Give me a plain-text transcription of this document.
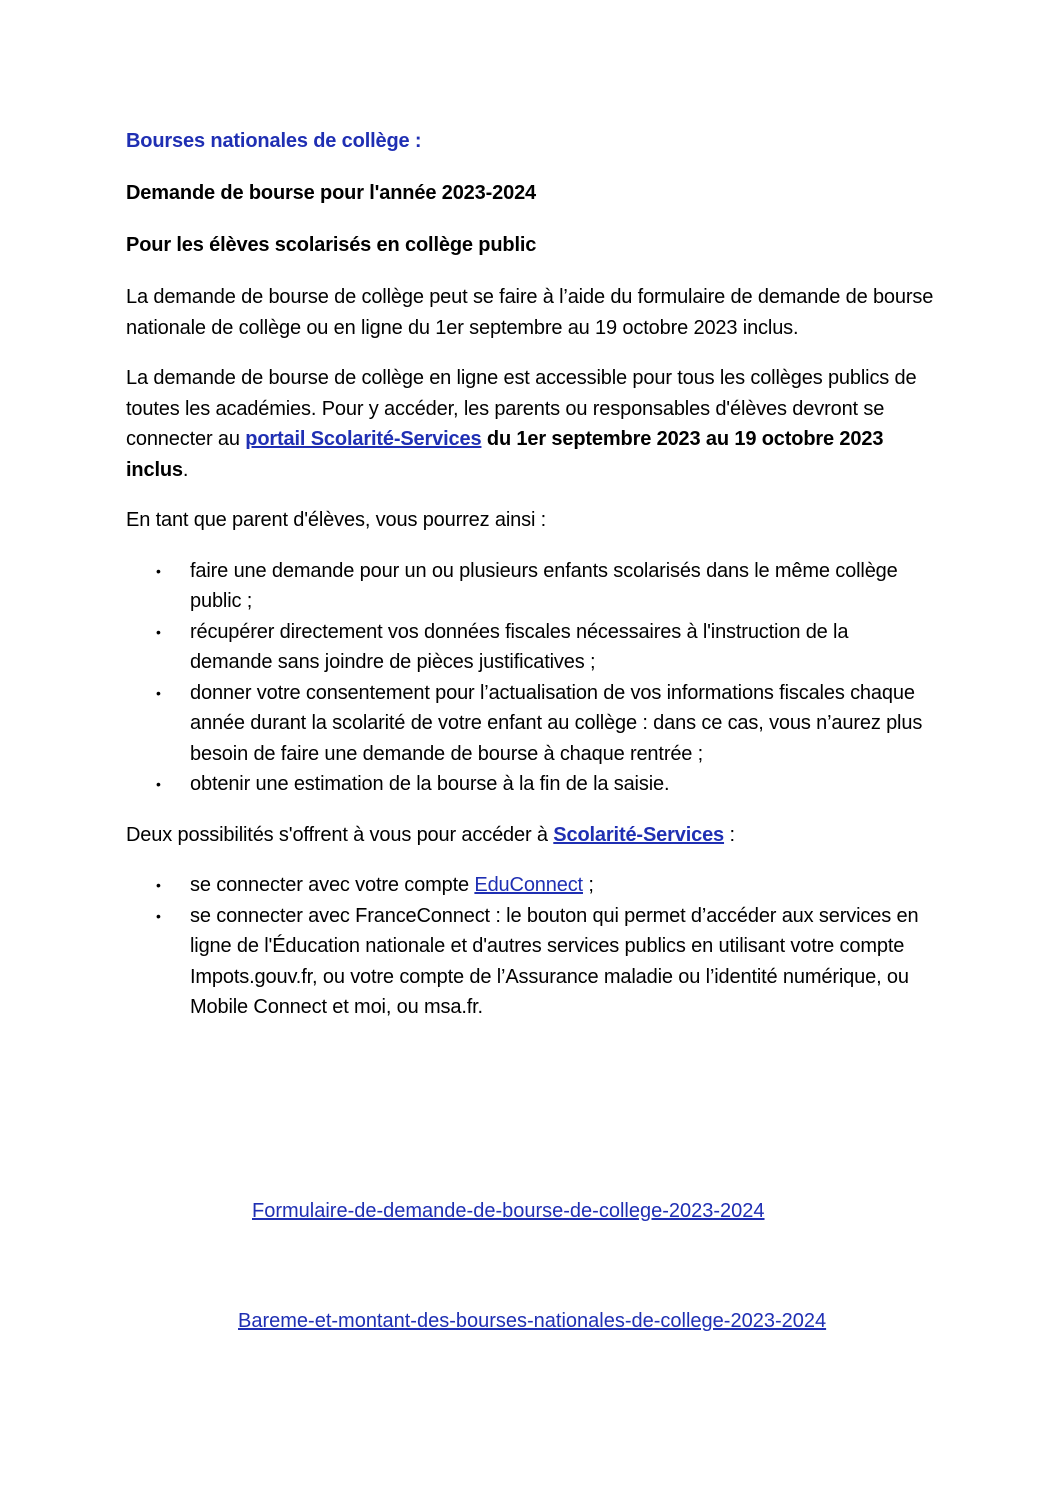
Bourses nationales de collège :
Demande de bourse pour l'année 2023-2024
Pour les élèves scolarisés en collège public

La demande de bourse de collège peut se faire à l’aide du formulaire de demande de bourse nationale de collège ou en ligne du 1er septembre au 19 octobre 2023 inclus.

La demande de bourse de collège en ligne est accessible pour tous les collèges publics de toutes les académies. Pour y accéder, les parents ou responsables d'élèves devront se connecter au portail Scolarité-Services du 1er septembre 2023 au 19 octobre 2023 inclus.

En tant que parent d'élèves, vous pourrez ainsi :

• faire une demande pour un ou plusieurs enfants scolarisés dans le même collège public ;
• récupérer directement vos données fiscales nécessaires à l'instruction de la demande sans joindre de pièces justificatives ;
• donner votre consentement pour l’actualisation de vos informations fiscales chaque année durant la scolarité de votre enfant au collège : dans ce cas, vous n’aurez plus besoin de faire une demande de bourse à chaque rentrée ;
• obtenir une estimation de la bourse à la fin de la saisie.

Deux possibilités s'offrent à vous pour accéder à Scolarité-Services :

• se connecter avec votre compte EduConnect ;
• se connecter avec FranceConnect : le bouton qui permet d’accéder aux services en ligne de l'Éducation nationale et d'autres services publics en utilisant votre compte Impots.gouv.fr, ou votre compte de l’Assurance maladie ou l’identité numérique, ou Mobile Connect et moi, ou msa.fr.
Formulaire-de-demande-de-bourse-de-college-2023-2024
Bareme-et-montant-des-bourses-nationales-de-college-2023-2024
